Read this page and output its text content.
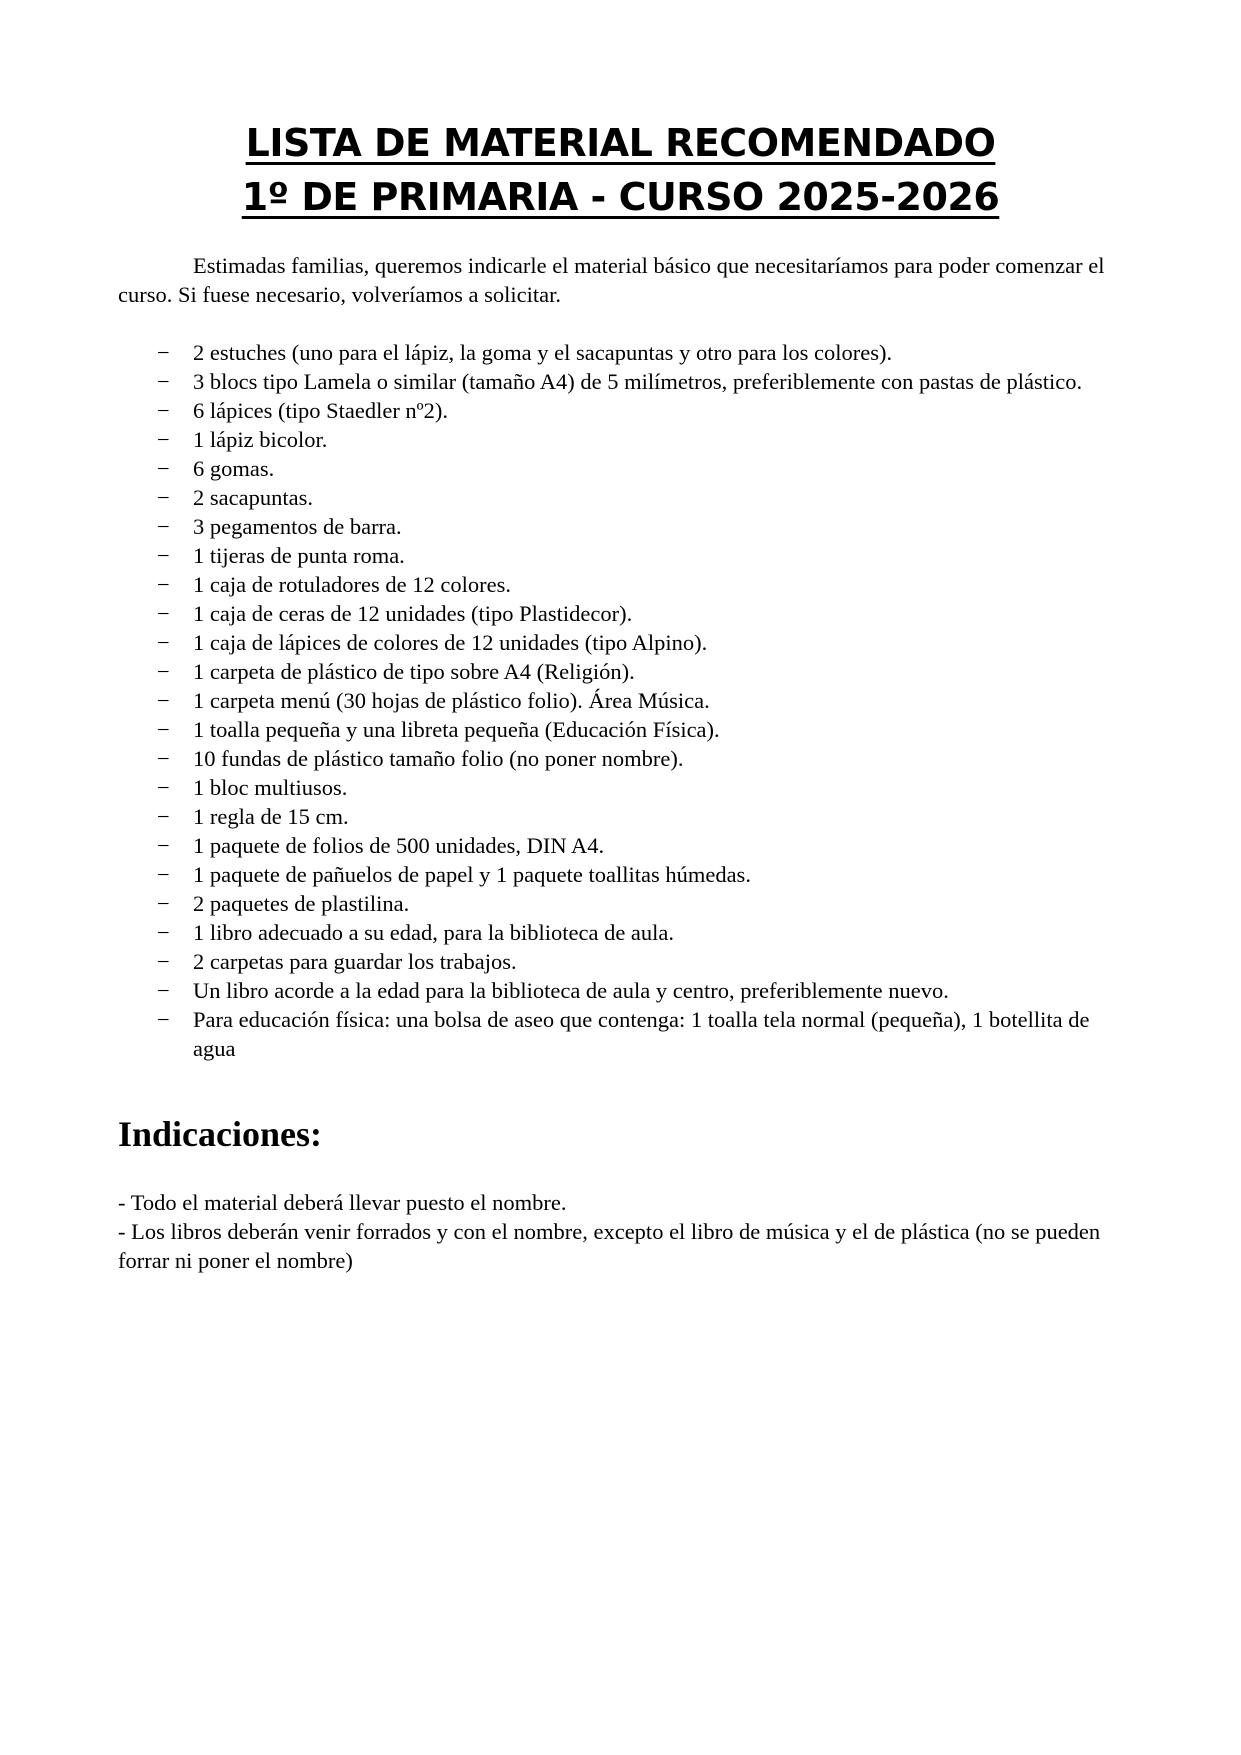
LISTA DE MATERIAL RECOMENDADO
1º DE PRIMARIA - CURSO 2025-2026

Estimadas familias, queremos indicarle el material básico que necesitaríamos para poder comenzar el curso. Si fuese necesario, volveríamos a solicitar.

− 2 estuches (uno para el lápiz, la goma y el sacapuntas y otro para los colores).
− 3 blocs tipo Lamela o similar (tamaño A4) de 5 milímetros, preferiblemente con pastas de plástico.
− 6 lápices (tipo Staedler nº2).
− 1 lápiz bicolor.
− 6 gomas.
− 2 sacapuntas.
− 3 pegamentos de barra.
− 1 tijeras de punta roma.
− 1 caja de rotuladores de 12 colores.
− 1 caja de ceras de 12 unidades (tipo Plastidecor).
− 1 caja de lápices de colores de 12 unidades (tipo Alpino).
− 1 carpeta de plástico de tipo sobre A4 (Religión).
− 1 carpeta menú (30 hojas de plástico folio). Área Música.
− 1 toalla pequeña y una libreta pequeña (Educación Física).
− 10 fundas de plástico tamaño folio (no poner nombre).
− 1 bloc multiusos.
− 1 regla de 15 cm.
− 1 paquete de folios de 500 unidades, DIN A4.
− 1 paquete de pañuelos de papel y 1 paquete toallitas húmedas.
− 2 paquetes de plastilina.
− 1 libro adecuado a su edad, para la biblioteca de aula.
− 2 carpetas para guardar los trabajos.
− Un libro acorde a la edad para la biblioteca de aula y centro, preferiblemente nuevo.
− Para educación física: una bolsa de aseo que contenga: 1 toalla tela normal (pequeña), 1 botellita de agua
Indicaciones:

- Todo el material deberá llevar puesto el nombre.

- Los libros deberán venir forrados y con el nombre, excepto el libro de música y el de plástica (no se pueden forrar ni poner el nombre)
